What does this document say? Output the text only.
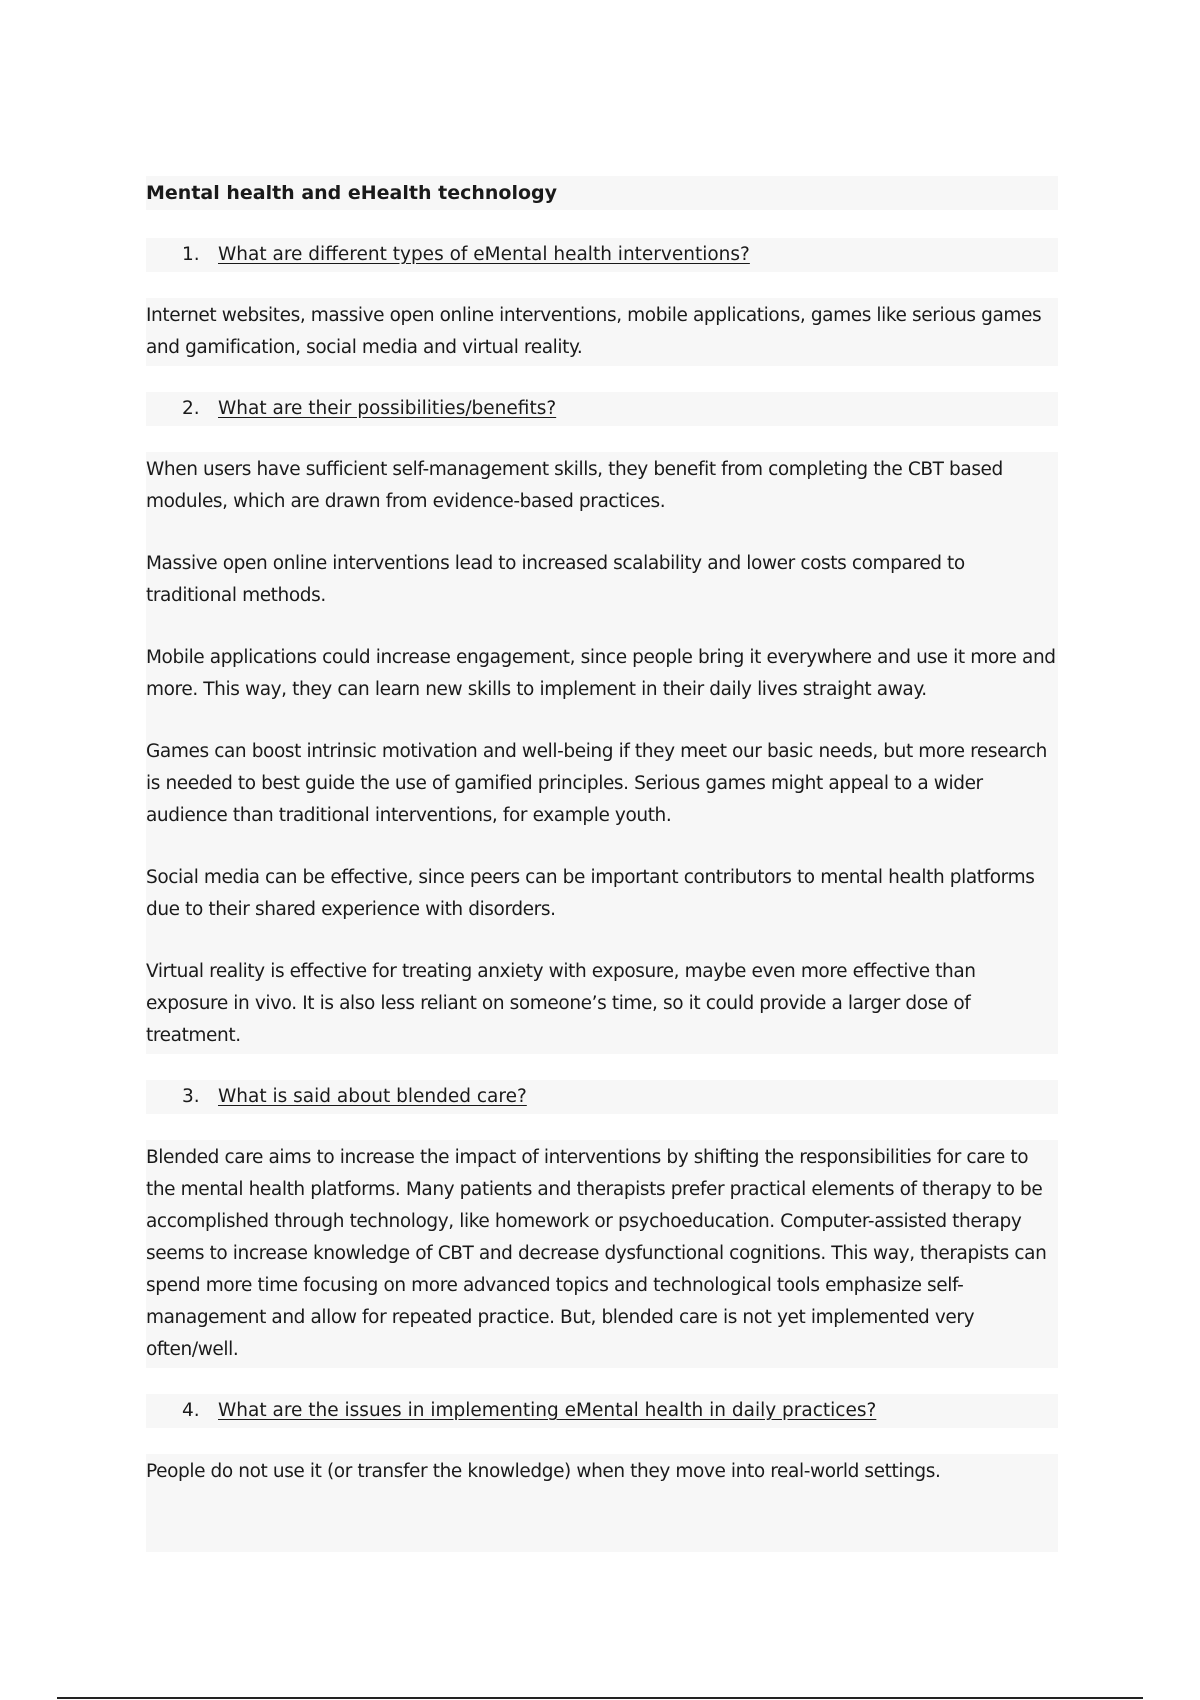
Mental health and eHealth technology
1. What are different types of eMental health interventions?

Internet websites, massive open online interventions, mobile applications, games like serious games and gamification, social media and virtual reality.

2. What are their possibilities/benefits?

When users have sufficient self-management skills, they benefit from completing the CBT based modules, which are drawn from evidence-based practices.

Massive open online interventions lead to increased scalability and lower costs compared to traditional methods.

Mobile applications could increase engagement, since people bring it everywhere and use it more and more. This way, they can learn new skills to implement in their daily lives straight away.

Games can boost intrinsic motivation and well-being if they meet our basic needs, but more research is needed to best guide the use of gamified principles. Serious games might appeal to a wider audience than traditional interventions, for example youth.

Social media can be effective, since peers can be important contributors to mental health platforms due to their shared experience with disorders.

Virtual reality is effective for treating anxiety with exposure, maybe even more effective than exposure in vivo. It is also less reliant on someone’s time, so it could provide a larger dose of treatment.

3. What is said about blended care?

Blended care aims to increase the impact of interventions by shifting the responsibilities for care to the mental health platforms. Many patients and therapists prefer practical elements of therapy to be accomplished through technology, like homework or psychoeducation. Computer-assisted therapy seems to increase knowledge of CBT and decrease dysfunctional cognitions. This way, therapists can spend more time focusing on more advanced topics and technological tools emphasize self-management and allow for repeated practice. But, blended care is not yet implemented very often/well.

4. What are the issues in implementing eMental health in daily practices?

People do not use it (or transfer the knowledge) when they move into real-world settings.
